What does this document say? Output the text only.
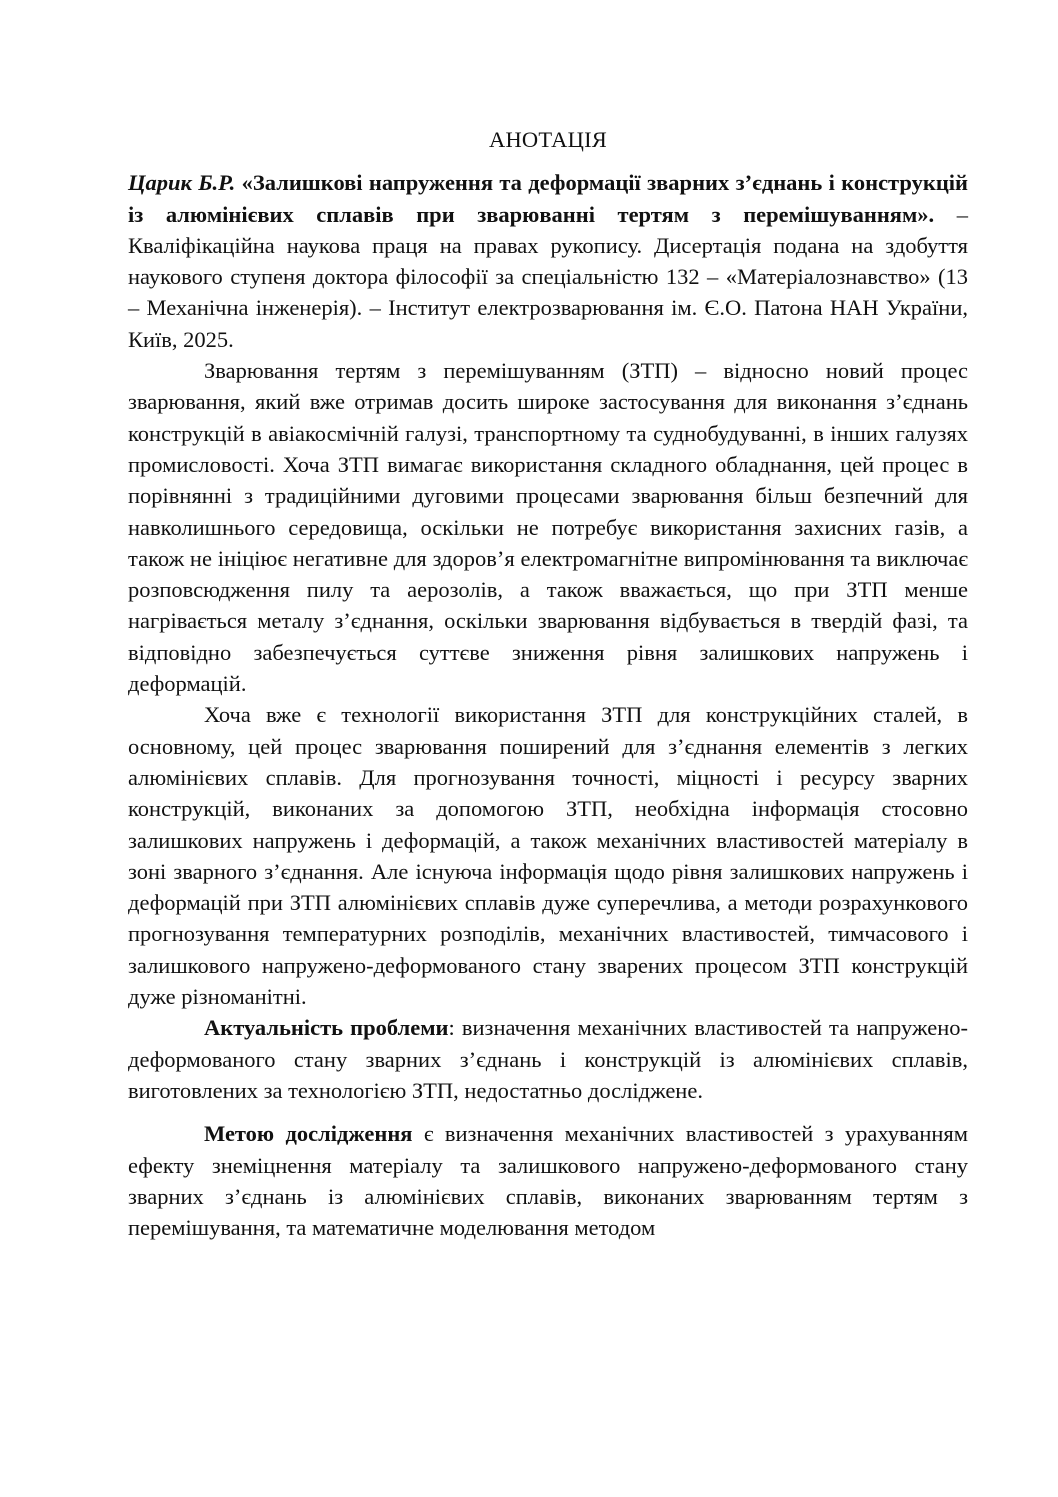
АНОТАЦІЯ

Царик Б.Р. «Залишкові напруження та деформації зварних з’єднань і конструкцій із алюмінієвих сплавів при зварюванні тертям з перемішуванням». – Кваліфікаційна наукова праця на правах рукопису. Дисертація подана на здобуття наукового ступеня доктора філософії за спеціальністю 132 – «Матеріалознавство» (13 – Механічна інженерія). – Інститут електрозварювання ім. Є.О. Патона НАН України, Київ, 2025.

Зварювання тертям з перемішуванням (ЗТП) – відносно новий процес зварювання, який вже отримав досить широке застосування для виконання з’єднань конструкцій в авіакосмічній галузі, транспортному та суднобудуванні, в інших галузях промисловості. Хоча ЗТП вимагає використання складного обладнання, цей процес в порівнянні з традиційними дуговими процесами зварювання більш безпечний для навколишнього середовища, оскільки не потребує використання захисних газів, а також не ініціює негативне для здоров’я електромагнітне випромінювання та виключає розповсюдження пилу та аерозолів, а також вважається, що при ЗТП менше нагрівається металу з’єднання, оскільки зварювання відбувається в твердій фазі, та відповідно забезпечується суттєве зниження рівня залишкових напружень і деформацій.

Хоча вже є технології використання ЗТП для конструкційних сталей, в основному, цей процес зварювання поширений для з’єднання елементів з легких алюмінієвих сплавів. Для прогнозування точності, міцності і ресурсу зварних конструкцій, виконаних за допомогою ЗТП, необхідна інформація стосовно залишкових напружень і деформацій, а також механічних властивостей матеріалу в зоні зварного з’єднання. Але існуюча інформація щодо рівня залишкових напружень і деформацій при ЗТП алюмінієвих сплавів дуже суперечлива, а методи розрахункового прогнозування температурних розподілів, механічних властивостей, тимчасового і залишкового напружено-деформованого стану зварених процесом ЗТП конструкцій дуже різноманітні.

Актуальність проблеми: визначення механічних властивостей та напружено-деформованого стану зварних з’єднань і конструкцій із алюмінієвих сплавів, виготовлених за технологією ЗТП, недостатньо досліджене.

Метою дослідження є визначення механічних властивостей з урахуванням ефекту знеміцнення матеріалу та залишкового напружено-деформованого стану зварних з’єднань із алюмінієвих сплавів, виконаних зварюванням тертям з перемішування, та математичне моделювання методом
